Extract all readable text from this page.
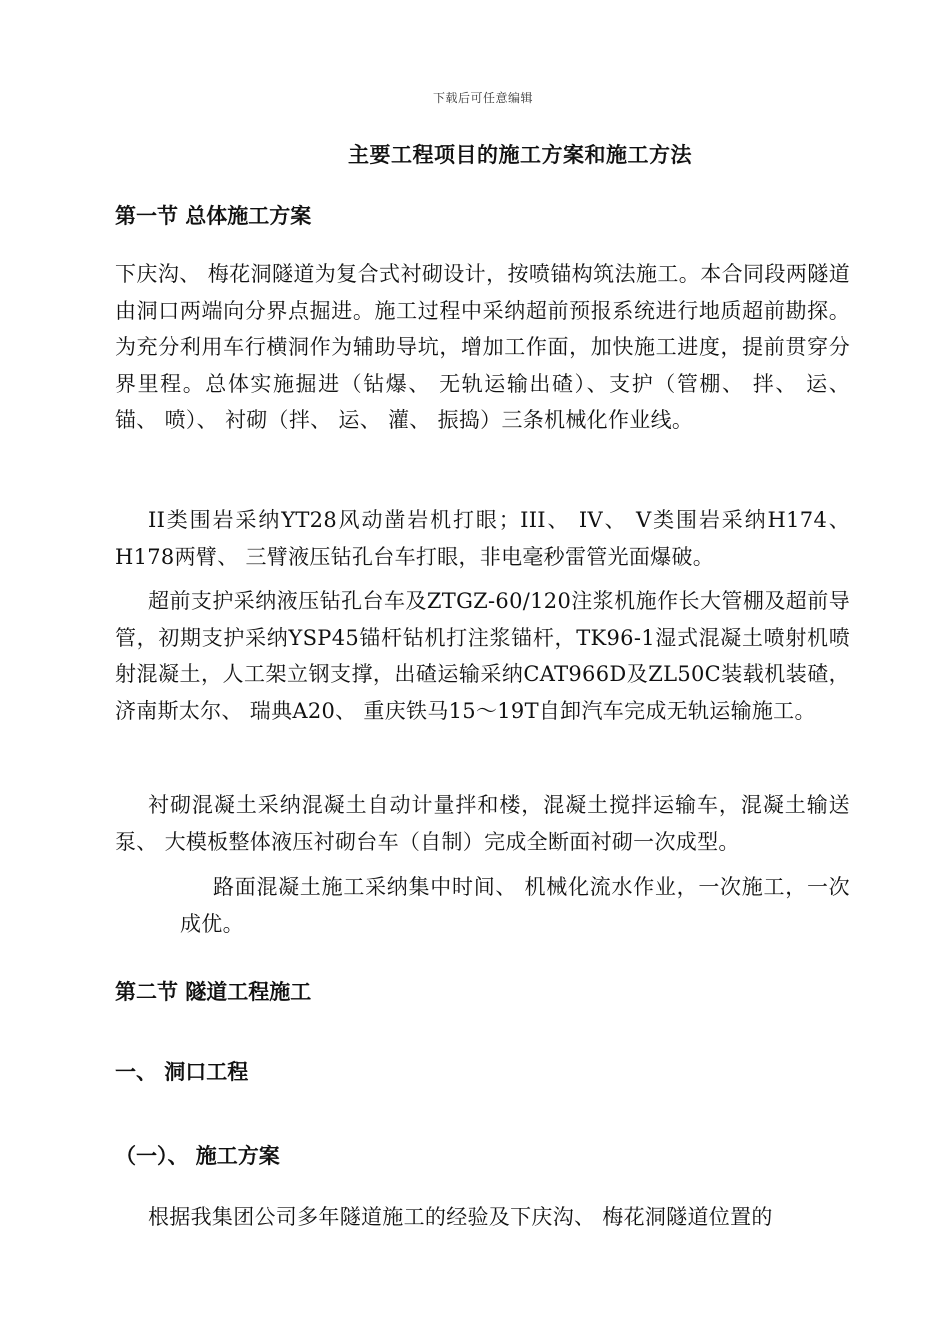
下载后可任意编辑
主要工程项目的施工方案和施工方法
第一节 总体施工方案
下庆沟、 梅花洞隧道为复合式衬砌设计，按喷锚构筑法施工。本合同段两隧道由洞口两端向分界点掘进。施工过程中采纳超前预报系统进行地质超前勘探。为充分利用车行横洞作为辅助导坑，增加工作面，加快施工进度，提前贯穿分界里程。总体实施掘进（钻爆、 无轨运输出碴）、支护（管棚、 拌、 运、 锚、 喷）、 衬砌（拌、 运、 灌、 振捣）三条机械化作业线。
II类围岩采纳YT28风动凿岩机打眼；III、 IV、 V类围岩采纳H174、 H178两臂、 三臂液压钻孔台车打眼，非电毫秒雷管光面爆破。
超前支护采纳液压钻孔台车及ZTGZ-60/120注浆机施作长大管棚及超前导管，初期支护采纳YSP45锚杆钻机打注浆锚杆，TK96-1湿式混凝土喷射机喷射混凝土，人工架立钢支撑，出碴运输采纳CAT966D及ZL50C装载机装碴，济南斯太尔、 瑞典A20、 重庆铁马15～19T自卸汽车完成无轨运输施工。
衬砌混凝土采纳混凝土自动计量拌和楼，混凝土搅拌运输车，混凝土输送泵、 大模板整体液压衬砌台车（自制）完成全断面衬砌一次成型。
路面混凝土施工采纳集中时间、 机械化流水作业，一次施工，一次成优。
第二节 隧道工程施工
一、 洞口工程
（一）、 施工方案
根据我集团公司多年隧道施工的经验及下庆沟、 梅花洞隧道位置的
